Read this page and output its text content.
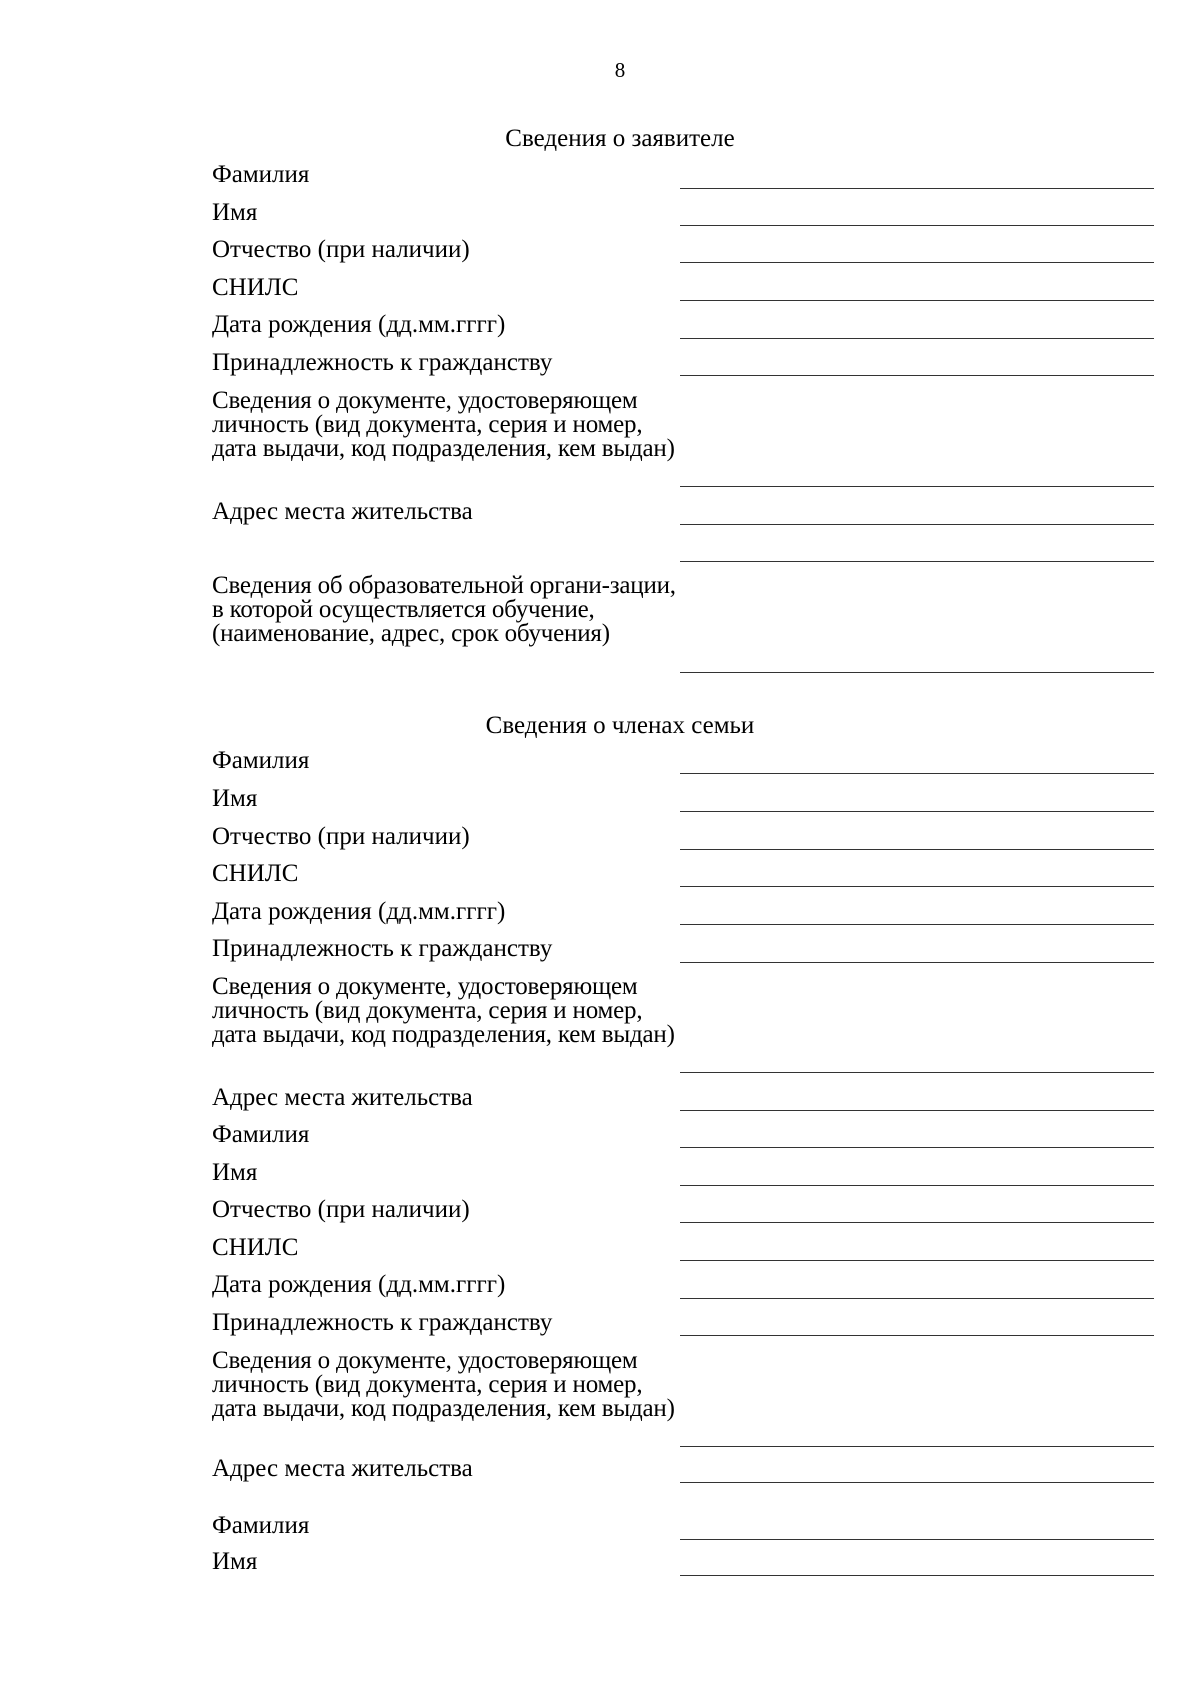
8
Сведения о заявителе
Фамилия
Имя
Отчество (при наличии)
СНИЛС
Дата рождения (дд.мм.гггг)
Принадлежность к гражданству
Сведения о документе, удостоверяющем личность (вид документа, серия и номер, дата выдачи, код подразделения, кем выдан)
Адрес места жительства
Сведения об образовательной органи-зации, в которой осуществляется обучение, (наименование, адрес, срок обучения)
Сведения о членах семьи
Фамилия
Имя
Отчество (при наличии)
СНИЛС
Дата рождения (дд.мм.гггг)
Принадлежность к гражданству
Сведения о документе, удостоверяющем личность (вид документа, серия и номер, дата выдачи, код подразделения, кем выдан)
Адрес места жительства
Фамилия
Имя
Отчество (при наличии)
СНИЛС
Дата рождения (дд.мм.гггг)
Принадлежность к гражданству
Сведения о документе, удостоверяющем личность (вид документа, серия и номер, дата выдачи, код подразделения, кем выдан)
Адрес места жительства
Фамилия
Имя
